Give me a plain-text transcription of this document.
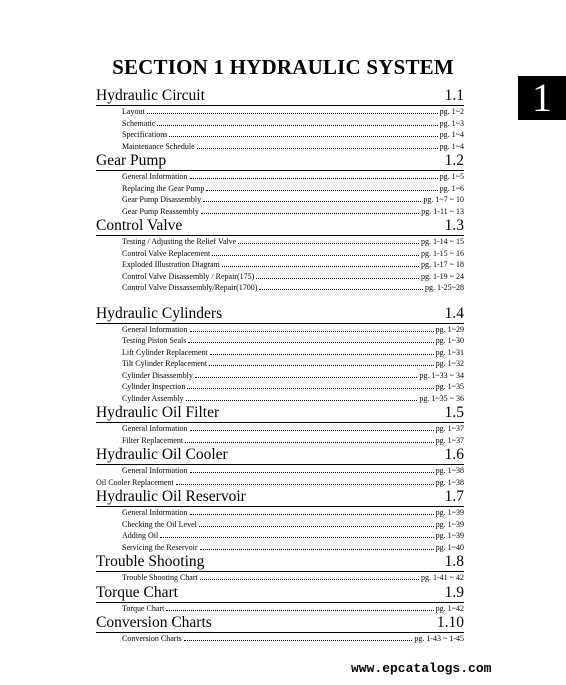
SECTION 1 HYDRAULIC SYSTEM
1
Hydraulic Circuit	1.1
Layout	pg. 1~2
Schematic	pg. 1~3
Specifications	pg. 1~4
Maintenance Schedule	pg. 1~4
Gear Pump	1.2
General Information	pg. 1~5
Replacing the Gear Pump	pg. 1~6
Gear Pump Disassembly	pg. 1~7 ~ 10
Gear Pump Reassembly	pg. 1-11 ~ 13
Control Valve	1.3
Testing / Adjusting the Relief Valve	pg. 1-14 ~ 15
Control Valve Replacement	pg. 1-15 ~ 16
Exploded Illustration Diagram	pg. 1-17 ~ 18
Control Valve Disassembly / Repair(175)	pg. 1-19 ~ 24
Control Valve Dissassembly/Repair(1700)	pg. 1-25~28
Hydraulic Cylinders	1.4
General Information	pg. 1~29
Testing Piston Seals	pg. 1~30
Lift Cylinder Replacement	pg. 1~31
Tilt Cylinder Replacement	pg. 1~32
Cylinder Disassembly	pg. 1~33 ~ 34
Cylinder Inspection	pg. 1~35
Cylinder Assembly	pg. 1~35 ~ 36
Hydraulic Oil Filter	1.5
General Information	pg. 1~37
Filter Replacement	pg. 1~37
Hydraulic Oil Cooler	1.6
General Information	pg. 1~38
Oil Cooler Replacement	pg. 1~38
Hydraulic Oil Reservoir	1.7
General Information	pg. 1~39
Checking the Oil Level	pg. 1~39
Adding Oil	pg. 1~39
Servicing the Reservoir	pg. 1~40
Trouble Shooting	1.8
Trouble Shooting Chart	pg. 1-41 ~ 42
Torque Chart	1.9
Torque Chart	pg. 1~42
Conversion Charts	1.10
Conversion Charts	pg. 1-43 ~ 1-45
www.epcatalogs.com
